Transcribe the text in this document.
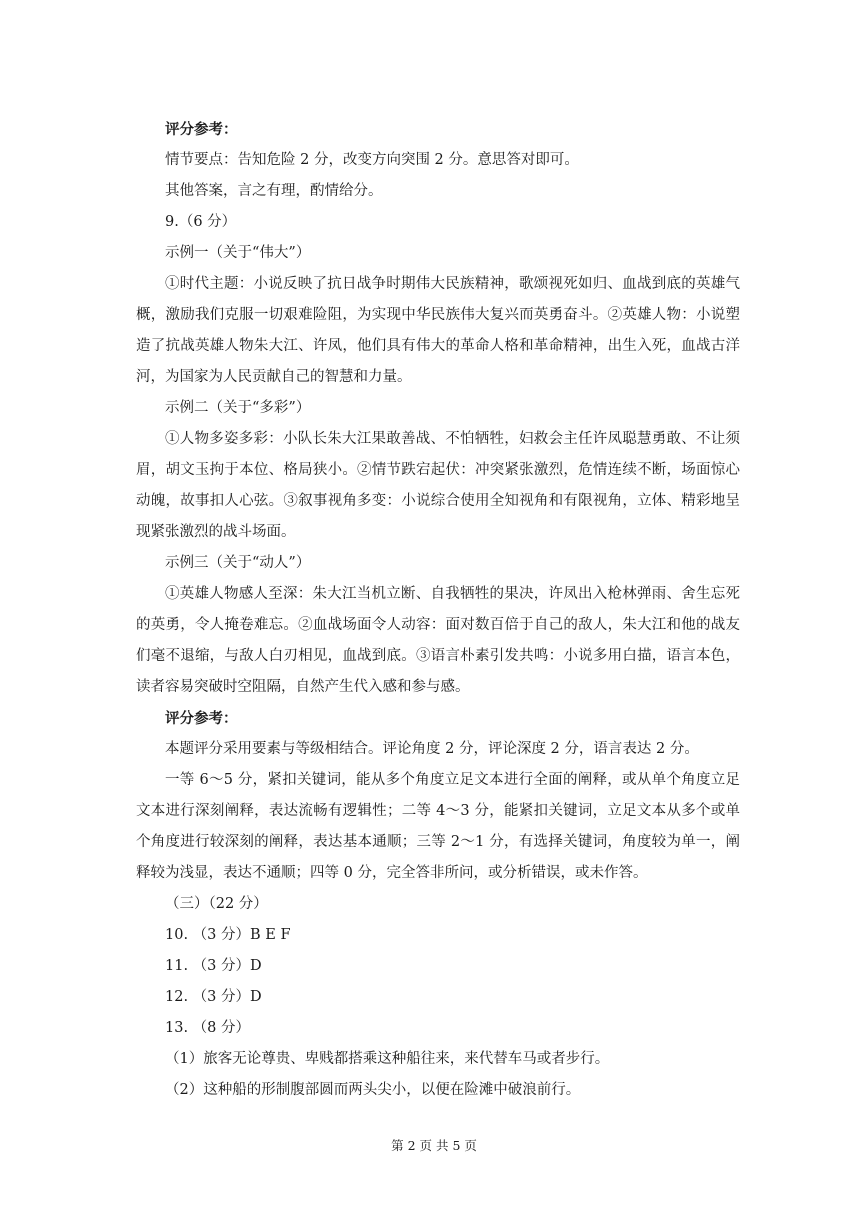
评分参考：
情节要点：告知危险 2 分，改变方向突围 2 分。意思答对即可。
其他答案，言之有理，酌情给分。
9.（6 分）
示例一（关于“伟大”）

①时代主题：小说反映了抗日战争时期伟大民族精神，歌颂视死如归、血战到底的英雄气概，激励我们克服一切艰难险阻，为实现中华民族伟大复兴而英勇奋斗。②英雄人物：小说塑造了抗战英雄人物朱大江、许凤，他们具有伟大的革命人格和革命精神，出生入死，血战古洋河，为国家为人民贡献自己的智慧和力量。

示例二（关于“多彩”）

①人物多姿多彩：小队长朱大江果敢善战、不怕牺牲，妇救会主任许凤聪慧勇敢、不让须眉，胡文玉拘于本位、格局狭小。②情节跌宕起伏：冲突紧张激烈，危情连续不断，场面惊心动魄，故事扣人心弦。③叙事视角多变：小说综合使用全知视角和有限视角，立体、精彩地呈现紧张激烈的战斗场面。

示例三（关于“动人”）

①英雄人物感人至深：朱大江当机立断、自我牺牲的果决，许凤出入枪林弹雨、舍生忘死的英勇，令人掩卷难忘。②血战场面令人动容：面对数百倍于自己的敌人，朱大江和他的战友们毫不退缩，与敌人白刃相见，血战到底。③语言朴素引发共鸣：小说多用白描，语言本色，读者容易突破时空阻隔，自然产生代入感和参与感。

评分参考：
本题评分采用要素与等级相结合。评论角度 2 分，评论深度 2 分，语言表达 2 分。

一等 6～5 分，紧扣关键词，能从多个角度立足文本进行全面的阐释，或从单个角度立足文本进行深刻阐释，表达流畅有逻辑性；二等 4～3 分，能紧扣关键词，立足文本从多个或单个角度进行较深刻的阐释，表达基本通顺；三等 2～1 分，有选择关键词，角度较为单一，阐释较为浅显，表达不通顺；四等 0 分，完全答非所问，或分析错误，或未作答。

（三）（22 分）
10. （3 分）B E F
11. （3 分）D
12. （3 分）D
13. （8 分）
（1）旅客无论尊贵、卑贱都搭乘这种船往来，来代替车马或者步行。
（2）这种船的形制腹部圆而两头尖小，以便在险滩中破浪前行。
第 2 页 共 5 页
